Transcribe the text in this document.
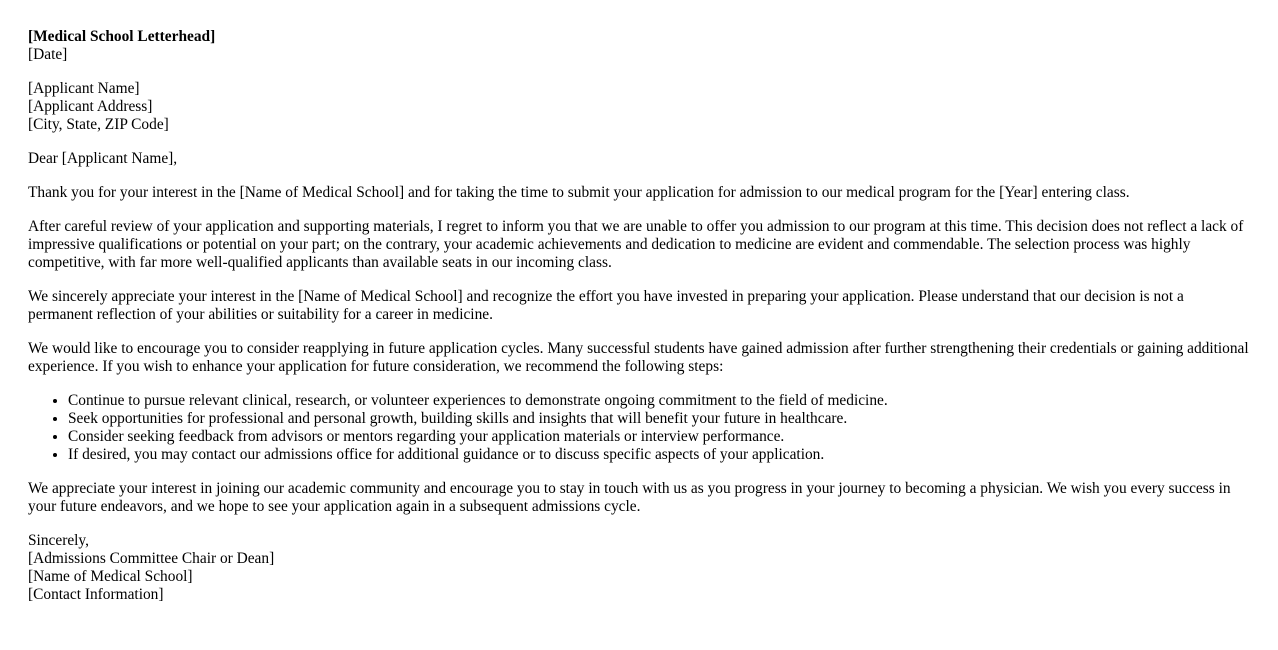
[Medical School Letterhead]
[Date]
[Applicant Name]
[Applicant Address]
[City, State, ZIP Code]

Dear [Applicant Name],

Thank you for your interest in the [Name of Medical School] and for taking the time to submit your application for admission to our medical program for the [Year] entering class.

After careful review of your application and supporting materials, I regret to inform you that we are unable to offer you admission to our program at this time. This decision does not reflect a lack of impressive qualifications or potential on your part; on the contrary, your academic achievements and dedication to medicine are evident and commendable. The selection process was highly competitive, with far more well-qualified applicants than available seats in our incoming class.

We sincerely appreciate your interest in the [Name of Medical School] and recognize the effort you have invested in preparing your application. Please understand that our decision is not a permanent reflection of your abilities or suitability for a career in medicine.

We would like to encourage you to consider reapplying in future application cycles. Many successful students have gained admission after further strengthening their credentials or gaining additional experience. If you wish to enhance your application for future consideration, we recommend the following steps:

• Continue to pursue relevant clinical, research, or volunteer experiences to demonstrate ongoing commitment to the field of medicine.
• Seek opportunities for professional and personal growth, building skills and insights that will benefit your future in healthcare.
• Consider seeking feedback from advisors or mentors regarding your application materials or interview performance.
• If desired, you may contact our admissions office for additional guidance or to discuss specific aspects of your application.

We appreciate your interest in joining our academic community and encourage you to stay in touch with us as you progress in your journey to becoming a physician. We wish you every success in your future endeavors, and we hope to see your application again in a subsequent admissions cycle.

Sincerely,
[Admissions Committee Chair or Dean]
[Name of Medical School]
[Contact Information]
